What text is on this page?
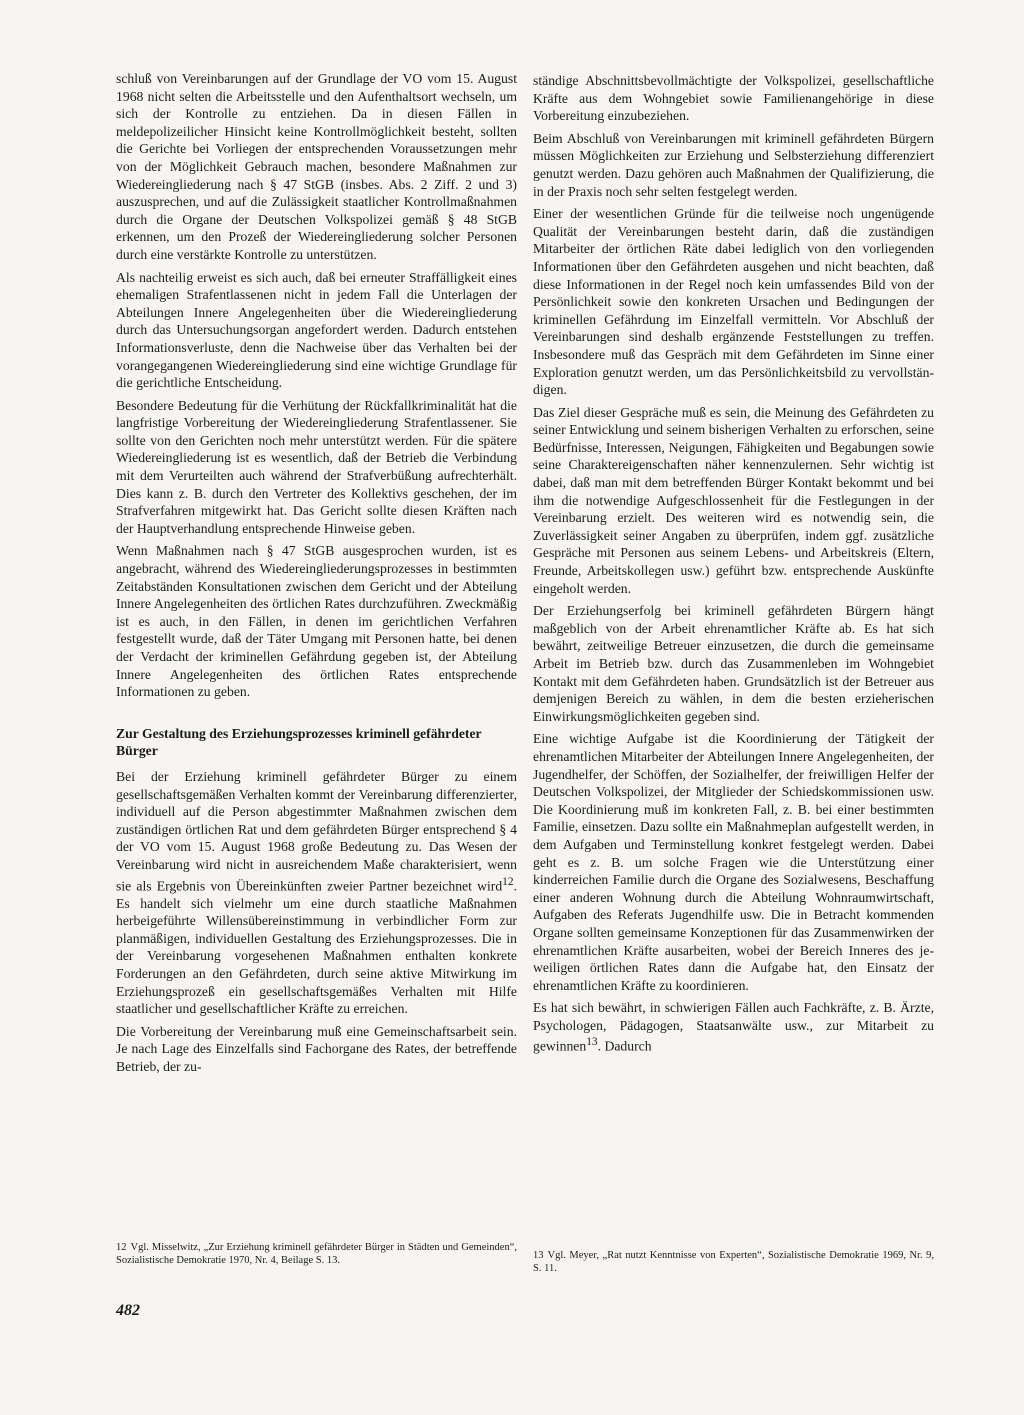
schluß von Vereinbarungen auf der Grundlage der VO vom 15. August 1968 nicht selten die Arbeitsstelle und den Aufenthaltsort wechseln, um sich der Kontrolle zu entziehen. Da in diesen Fällen in meldepolizeilicher Hinsicht keine Kontrollmöglichkeit besteht, sollten die Gerichte bei Vorliegen der entsprechenden Voraussetzungen mehr von der Möglichkeit Gebrauch machen, besondere Maßnahmen zur Wiedereingliederung nach § 47 StGB (insbes. Abs. 2 Ziff. 2 und 3) auszusprechen, und auf die Zulässigkeit staatlicher Kontrollmaßnahmen durch die Organe der Deutschen Volkspolizei gemäß § 48 StGB erkennen, um den Prozeß der Wiedereingliederung solcher Personen durch eine verstärkte Kontrolle zu unterstützen.

Als nachteilig erweist es sich auch, daß bei erneuter Straffälligkeit eines ehemaligen Strafentlassenen nicht in jedem Fall die Unterlagen der Abteilungen Innere Angelegenheiten über die Wiedereingliederung durch das Untersuchungsorgan angefordert werden. Dadurch entstehen Informationsverluste, denn die Nachweise über das Verhalten bei der vorangegangenen Wiedereingliederung sind eine wichtige Grundlage für die gerichtliche Entscheidung.

Besondere Bedeutung für die Verhütung der Rückfallkriminalität hat die langfristige Vorbereitung der Wiedereingliederung Strafentlassener. Sie sollte von den Gerichten noch mehr unterstützt werden. Für die spätere Wiedereingliederung ist es wesentlich, daß der Betrieb die Verbindung mit dem Verurteilten auch während der Strafverbüßung aufrechterhält. Dies kann z. B. durch den Vertreter des Kollektivs geschehen, der im Strafverfahren mitgewirkt hat. Das Gericht sollte diesen Kräften nach der Hauptverhandlung entsprechende Hinweise geben.

Wenn Maßnahmen nach § 47 StGB ausgesprochen wurden, ist es angebracht, während des Wiedereingliederungsprozesses in bestimmten Zeitabständen Konsultationen zwischen dem Gericht und der Abteilung Innere Angelegenheiten des örtlichen Rates durchzuführen. Zweckmäßig ist es auch, in den Fällen, in denen im gerichtlichen Verfahren festgestellt wurde, daß der Täter Umgang mit Personen hatte, bei denen der Verdacht der kriminellen Gefährdung gegeben ist, der Abteilung Innere Angelegenheiten des örtlichen Rates entsprechende Informationen zu geben.

Zur Gestaltung des Erziehungsprozesses kriminell gefährdeter Bürger

Bei der Erziehung kriminell gefährdeter Bürger zu einem gesellschaftsgemäßen Verhalten kommt der Vereinbarung differenzierter, individuell auf die Person abgestimmter Maßnahmen zwischen dem zuständigen örtlichen Rat und dem gefährdeten Bürger entsprechend § 4 der VO vom 15. August 1968 große Bedeutung zu. Das Wesen der Vereinbarung wird nicht in ausreichendem Maße charakterisiert, wenn sie als Ergebnis von Übereinkünften zweier Partner bezeichnet wird$^{12}$. Es handelt sich vielmehr um eine durch staatliche Maßnahmen herbeigeführte Willensübereinstimmung in verbindlicher Form zur planmäßigen, individuellen Gestaltung des Erziehungsprozesses. Die in der Vereinbarung vorgesehenen Maßnahmen enthalten konkrete Forderungen an den Gefährdeten, durch seine aktive Mitwirkung im Erziehungsprozeß ein gesellschaftsgemäßes Verhalten mit Hilfe staatlicher und gesellschaftlicher Kräfte zu erreichen.

Die Vorbereitung der Vereinbarung muß eine Gemeinschaftsarbeit sein. Je nach Lage des Einzelfalls sind Fachorgane des Rates, der betreffende Betrieb, der zu-

ständige Abschnittsbevollmächtigte der Volkspolizei, gesellschaftliche Kräfte aus dem Wohngebiet sowie Familienangehörige in diese Vorbereitung einzubeziehen.

Beim Abschluß von Vereinbarungen mit kriminell gefährdeten Bürgern müssen Möglichkeiten zur Erziehung und Selbsterziehung differenziert genutzt werden. Dazu gehören auch Maßnahmen der Qualifizierung, die in der Praxis noch sehr selten festgelegt werden.

Einer der wesentlichen Gründe für die teilweise noch ungenügende Qualität der Vereinbarungen besteht darin, daß die zuständigen Mitarbeiter der örtlichen Räte dabei lediglich von den vorliegenden Informationen über den Gefährdeten ausgehen und nicht beachten, daß diese Informationen in der Regel noch kein umfassendes Bild von der Persönlichkeit sowie den konkreten Ursachen und Bedingungen der kriminellen Gefährdung im Einzelfall vermitteln. Vor Abschluß der Vereinbarungen sind deshalb ergänzende Feststellungen zu treffen. Insbesondere muß das Gespräch mit dem Gefährdeten im Sinne einer Exploration genutzt werden, um das Persönlichkeitsbild zu vervollständigen.

Das Ziel dieser Gespräche muß es sein, die Meinung des Gefährdeten zu seiner Entwicklung und seinem bisherigen Verhalten zu erforschen, seine Bedürfnisse, Interessen, Neigungen, Fähigkeiten und Begabungen sowie seine Charaktereigenschaften näher kennenzulernen. Sehr wichtig ist dabei, daß man mit dem betreffenden Bürger Kontakt bekommt und bei ihm die notwendige Aufgeschlossenheit für die Festlegungen in der Vereinbarung erzielt. Des weiteren wird es notwendig sein, die Zuverlässigkeit seiner Angaben zu überprüfen, indem ggf. zusätzliche Gespräche mit Personen aus seinem Lebens- und Arbeitskreis (Eltern, Freunde, Arbeitskollegen usw.) geführt bzw. entsprechende Auskünfte eingeholt werden.

Der Erziehungserfolg bei kriminell gefährdeten Bürgern hängt maßgeblich von der Arbeit ehrenamtlicher Kräfte ab. Es hat sich bewährt, zeitweilige Betreuer einzusetzen, die durch die gemeinsame Arbeit im Betrieb bzw. durch das Zusammenleben im Wohngebiet Kontakt mit dem Gefährdeten haben. Grundsätzlich ist der Betreuer aus demjenigen Bereich zu wählen, in dem die besten erzieherischen Einwirkungsmöglichkeiten gegeben sind.

Eine wichtige Aufgabe ist die Koordinierung der Tätigkeit der ehrenamtlichen Mitarbeiter der Abteilungen Innere Angelegenheiten, der Jugendhelfer, der Schöffen, der Sozialhelfer, der freiwilligen Helfer der Deutschen Volkspolizei, der Mitglieder der Schiedskommissionen usw. Die Koordinierung muß im konkreten Fall, z. B. bei einer bestimmten Familie, einsetzen. Dazu sollte ein Maßnahmeplan aufgestellt werden, in dem Aufgaben und Terminstellung konkret festgelegt werden. Dabei geht es z. B. um solche Fragen wie die Unterstützung einer kinderreichen Familie durch die Organe des Sozialwesens, Beschaffung einer anderen Wohnung durch die Abteilung Wohnraumwirtschaft, Aufgaben des Referats Jugendhilfe usw. Die in Betracht kommenden Organe sollten gemeinsame Konzeptionen für das Zusammenwirken der ehrenamtlichen Kräfte ausarbeiten, wobei der Bereich Inneres des jeweiligen örtlichen Rates dann die Aufgabe hat, den Einsatz der ehrenamtlichen Kräfte zu koordinieren.

Es hat sich bewährt, in schwierigen Fällen auch Fachkräfte, z. B. Ärzte, Psychologen, Pädagogen, Staatsanwälte usw., zur Mitarbeit zu gewinnen$^{13}$. Dadurch

12 Vgl. Misselwitz, „Zur Erziehung kriminell gefährdeter Bürger in Städten und Gemeinden“, Sozialistische Demokratie 1970, Nr. 4, Beilage S. 13.	13 Vgl. Meyer, „Rat nutzt Kenntnisse von Experten“, Sozialistische Demokratie 1969, Nr. 9, S. 11.
482
